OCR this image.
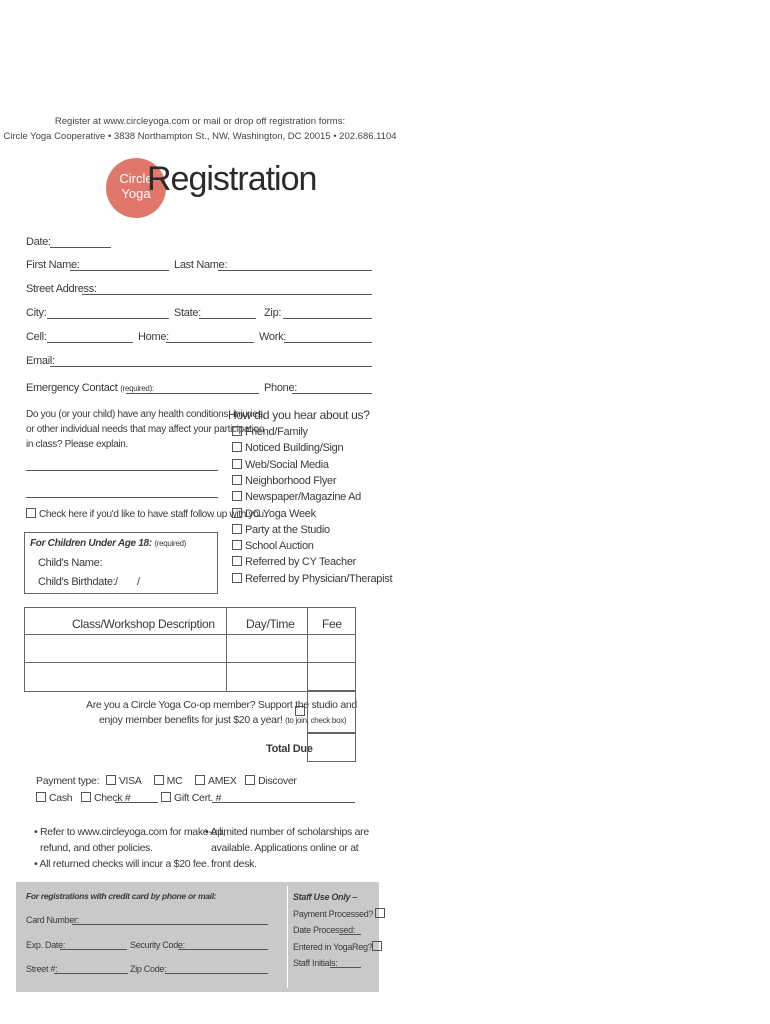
Register at www.circleyoga.com or mail or drop off registration forms:
Circle Yoga Cooperative • 3838 Northampton St., NW, Washington, DC 20015 • 202.686.1104
Circle
Yoga
Registration
Date:
First Name:	Last Name:
Street Address:
City:	State:	Zip:
Cell:	Home:	Work:
Email:
Emergency Contact (required):	Phone:
Do you (or your child) have any health conditions, injuries,
or other individual needs that may affect your participation
in class? Please explain.
Check here if you'd like to have staff follow up with you.
For Children Under Age 18: (required)
Child's Name:
Child's Birthdate: / /
How did you hear about us?
Friend/Family
Noticed Building/Sign
Web/Social Media
Neighborhood Flyer
Newspaper/Magazine Ad
DC Yoga Week
Party at the Studio
School Auction
Referred by CY Teacher
Referred by Physician/Therapist
Class/Workshop Description	Day/Time Fee
Are you a Circle Yoga Co-op member? Support the studio and
enjoy member benefits for just $20 a year! (to join, check box)
Total Due
Payment type: VISA MC AMEX Discover
Cash Check #	Gift Cert. #
• Refer to www.circleyoga.com for make-up,
refund, and other policies.
• All returned checks will incur a $20 fee.
• A limited number of scholarships are
available. Applications online or at
front desk.
For registrations with credit card by phone or mail:
Card Number:
Exp. Date:	Security Code:
Street #:	Zip Code:
Staff Use Only –
Payment Processed?
Date Processed:
Entered in YogaReg?
Staff Initials:
